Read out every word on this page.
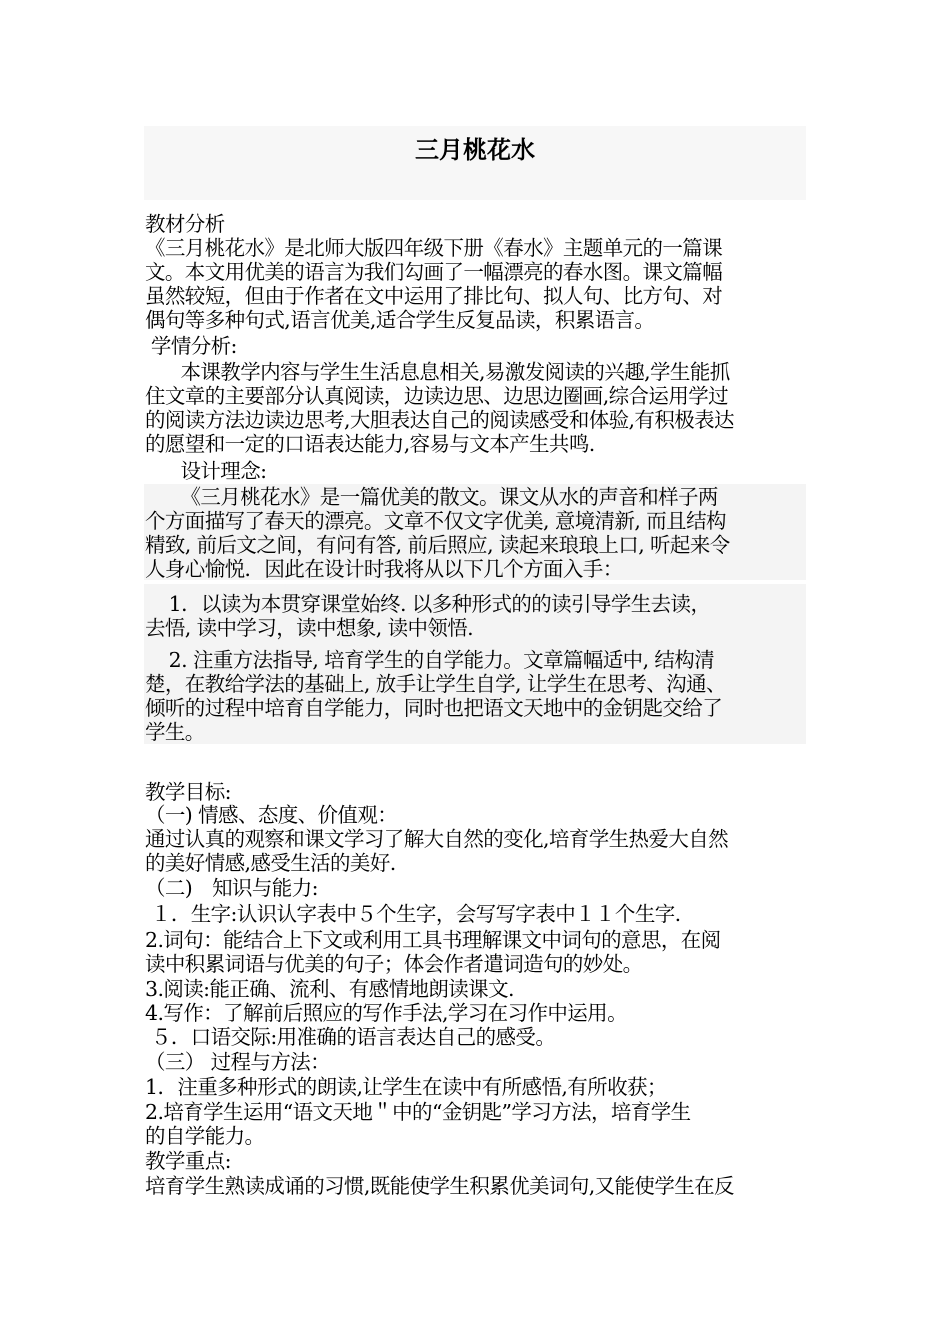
三月桃花水
教材分析
《三月桃花水》是北师大版四年级下册《春水》主题单元的一篇课
文。本文用优美的语言为我们勾画了一幅漂亮的春水图。课文篇幅
虽然较短，但由于作者在文中运用了排比句、拟人句、比方句、对
偶句等多种句式,语言优美,适合学生反复品读，积累语言。
学情分析:
本课教学内容与学生生活息息相关,易激发阅读的兴趣,学生能抓
住文章的主要部分认真阅读，边读边思、边思边圈画,综合运用学过
的阅读方法边读边思考,大胆表达自己的阅读感受和体验,有积极表达
的愿望和一定的口语表达能力,容易与文本产生共鸣.
设计理念:
《三月桃花水》是一篇优美的散文。课文从水的声音和样子两
个方面描写了春天的漂亮。文章不仅文字优美, 意境清新, 而且结构
精致, 前后文之间，有问有答, 前后照应, 读起来琅琅上口, 听起来令
人身心愉悦．因此在设计时我将从以下几个方面入手：
1．以读为本贯穿课堂始终. 以多种形式的的读引导学生去读，
去悟, 读中学习，读中想象, 读中领悟.
2. 注重方法指导, 培育学生的自学能力。文章篇幅适中, 结构清
楚，在教给学法的基础上, 放手让学生自学, 让学生在思考、沟通、
倾听的过程中培育自学能力，同时也把语文天地中的金钥匙交给了
学生。
教学目标:
（一) 情感、态度、价值观：
通过认真的观察和课文学习了解大自然的变化,培育学生热爱大自然
的美好情感,感受生活的美好.
（二)　知识与能力:
１．生字:认识认字表中５个生字，会写写字表中１１个生字.
2.词句：能结合上下文或利用工具书理解课文中词句的意思，在阅
读中积累词语与优美的句子；体会作者遣词造句的妙处。
3.阅读:能正确、流利、有感情地朗读课文.
4.写作：了解前后照应的写作手法,学习在习作中运用。
５．口语交际:用准确的语言表达自己的感受。
（三） 过程与方法：
1．注重多种形式的朗读,让学生在读中有所感悟,有所收获；
2.培育学生运用“语文天地＂中的“金钥匙”学习方法，培育学生
的自学能力。
教学重点:
培育学生熟读成诵的习惯,既能使学生积累优美词句,又能使学生在反
